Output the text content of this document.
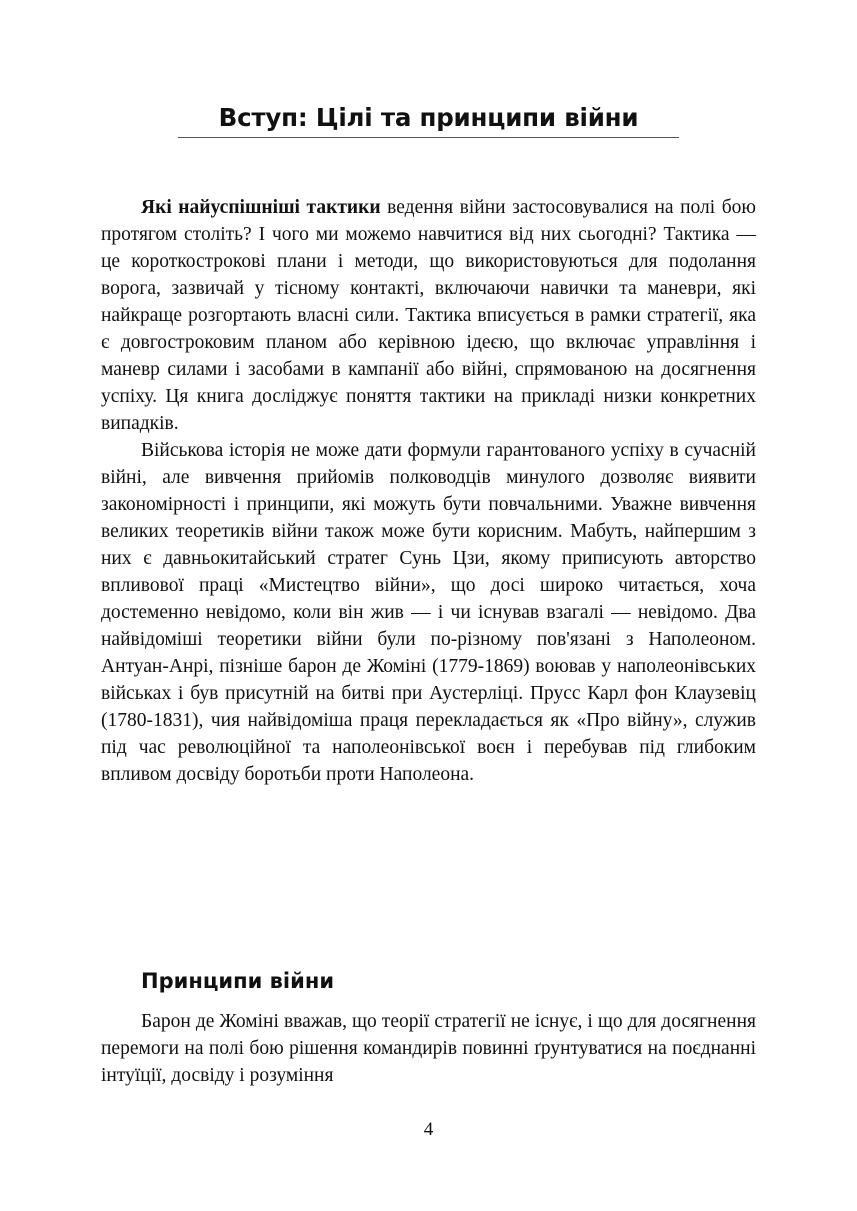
Вступ: Цілі та принципи війни

Які найуспішніші тактики ведення війни застосовувалися на полі бою протягом століть? І чого ми можемо навчитися від них сьогодні? Тактика — це короткострокові плани і методи, що використовуються для подолання ворога, зазвичай у тісному контакті, включаючи навички та маневри, які найкраще розгортають власні сили. Тактика вписується в рамки стратегії, яка є довгостроковим планом або керівною ідеєю, що включає управління і маневр силами і засобами в кампанії або війні, спрямованою на досягнення успіху. Ця книга досліджує поняття тактики на прикладі низки конкретних випадків.

Військова історія не може дати формули гарантованого успіху в сучасній війні, але вивчення прийомів полководців минулого дозволяє виявити закономірності і принципи, які можуть бути повчальними. Уважне вивчення великих теоретиків війни також може бути корисним. Мабуть, найпершим з них є давньокитайський стратег Сунь Цзи, якому приписують авторство впливової праці «Мистецтво війни», що досі широко читається, хоча достеменно невідомо, коли він жив — і чи існував взагалі — невідомо. Два найвідоміші теоретики війни були по-різному пов'язані з Наполеоном. Антуан-Анрі, пізніше барон де Жоміні (1779-1869) воював у наполеонівських військах і був присутній на битві при Аустерліці. Прусс Карл фон Клаузевіц (1780-1831), чия найвідоміша праця перекладається як «Про війну», служив під час революційної та наполеонівської воєн і перебував під глибоким впливом досвіду боротьби проти Наполеона.

Принципи війни

Барон де Жоміні вважав, що теорії стратегії не існує, і що для досягнення перемоги на полі бою рішення командирів повинні ґрунтуватися на поєднанні інтуїції, досвіду і розуміння

4
